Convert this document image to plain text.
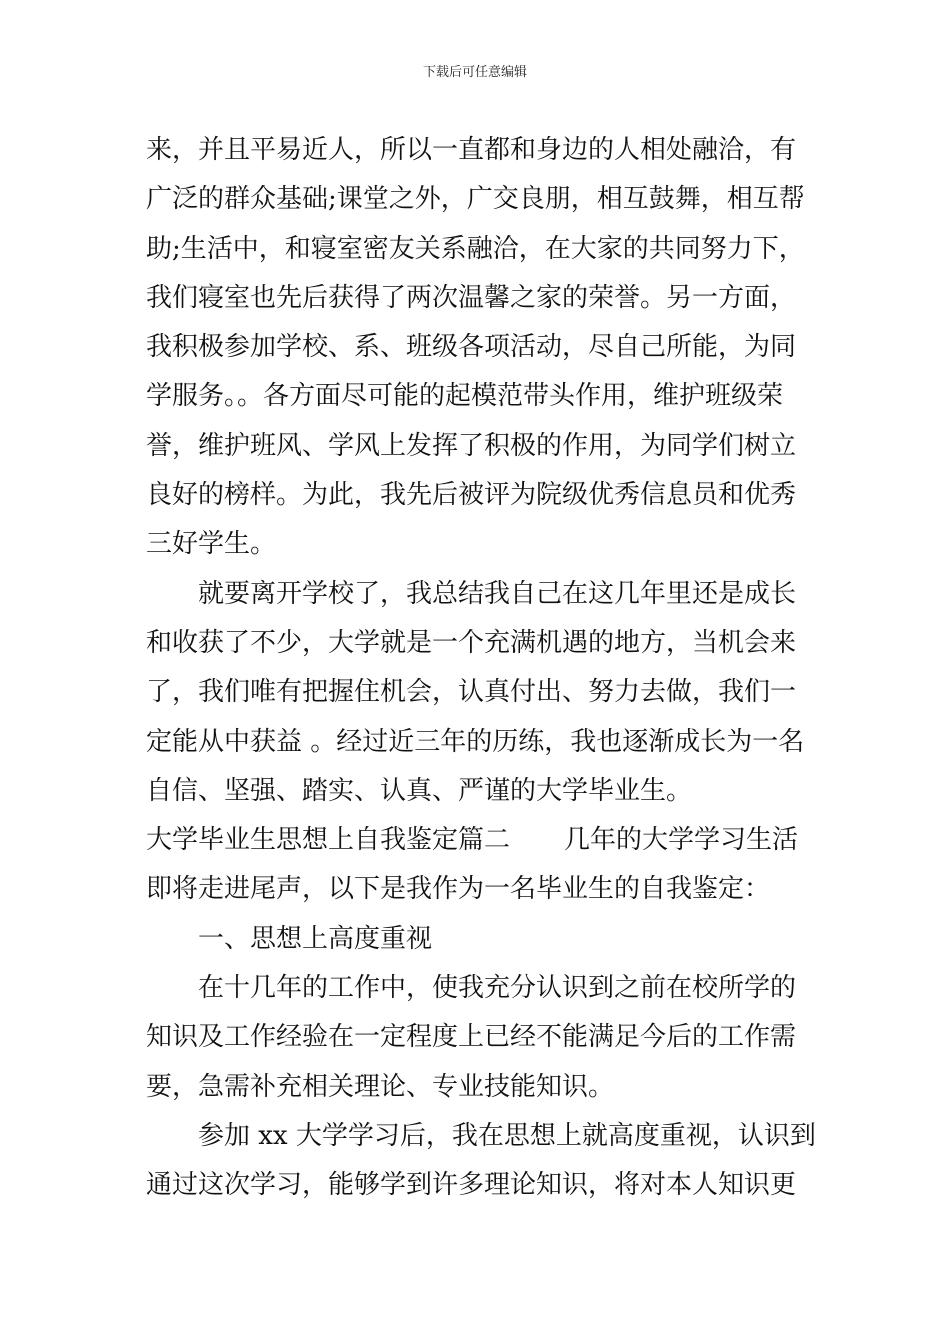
下载后可任意编辑
来，并且平易近人，所以一直都和身边的人相处融洽，有
广泛的群众基础;课堂之外，广交良朋，相互鼓舞，相互帮
助;生活中，和寝室密友关系融洽，在大家的共同努力下，
我们寝室也先后获得了两次温馨之家的荣誉。另一方面，
我积极参加学校、系、班级各项活动，尽自己所能，为同
学服务。。各方面尽可能的起模范带头作用，维护班级荣
誉，维护班风、学风上发挥了积极的作用，为同学们树立
良好的榜样。为此，我先后被评为院级优秀信息员和优秀
三好学生。
就要离开学校了，我总结我自己在这几年里还是成长
和收获了不少，大学就是一个充满机遇的地方，当机会来
了，我们唯有把握住机会，认真付出、努力去做，我们一
定能从中获益 。经过近三年的历练，我也逐渐成长为一名
自信、坚强、踏实、认真、严谨的大学毕业生。
大学毕业生思想上自我鉴定篇二 几年的大学学习生活
即将走进尾声，以下是我作为一名毕业生的自我鉴定：
一、思想上高度重视
在十几年的工作中，使我充分认识到之前在校所学的
知识及工作经验在一定程度上已经不能满足今后的工作需
要，急需补充相关理论、专业技能知识。
参加 xx 大学学习后，我在思想上就高度重视，认识到
通过这次学习，能够学到许多理论知识，将对本人知识更
